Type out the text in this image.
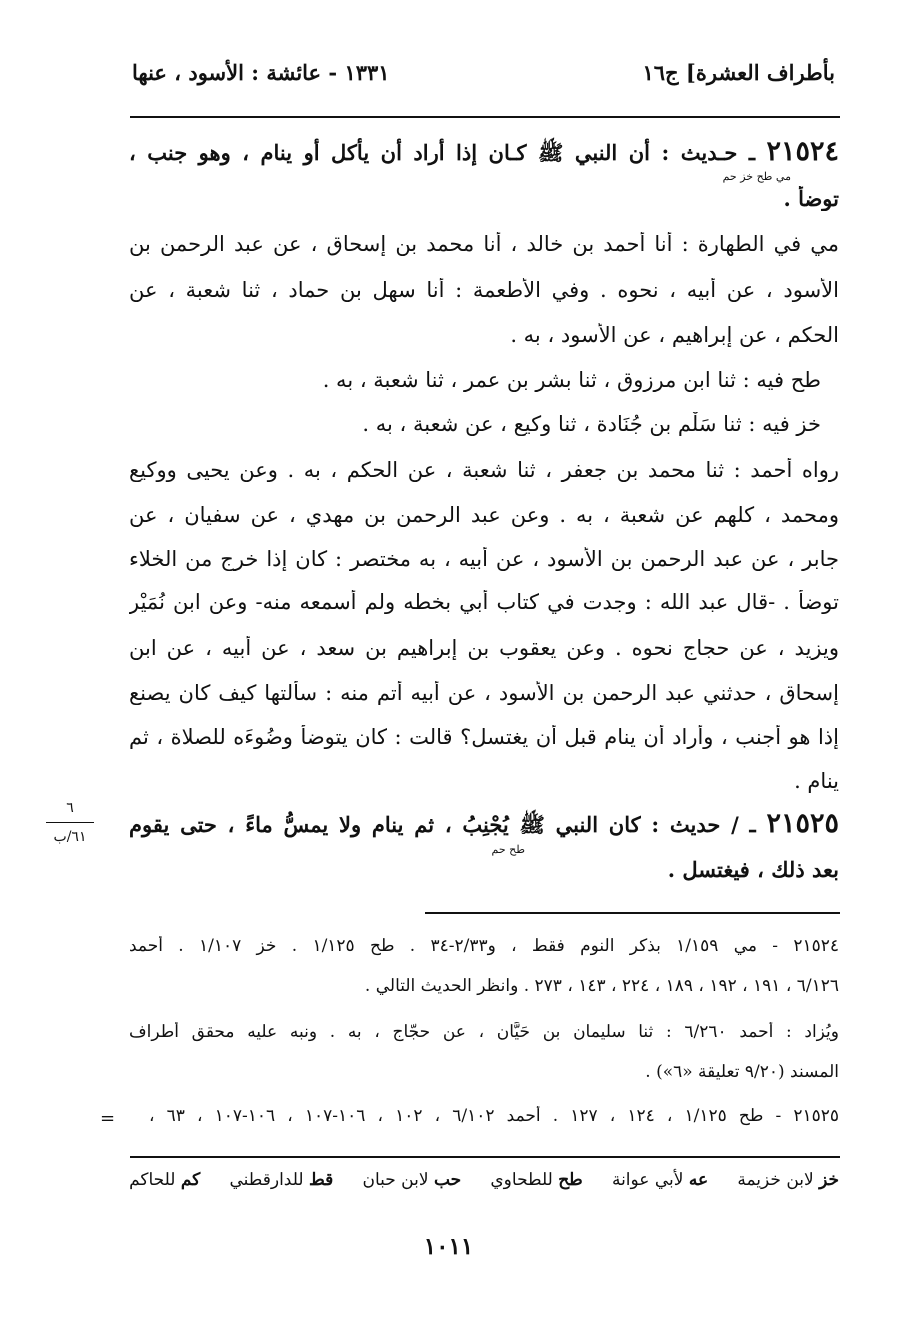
بأطراف العشرة] ج١٦
١٣٣١ - عائشة : الأسود ، عنها
٢١٥٢٤ ـ حـديث : أن النبي ﷺ كـان إذا أراد أن يأكل أو ينام ، وهو جنب ،
مي طح خز حم
توضأ .
مي في الطهارة : أنا أحمد بن خالد ، أنا محمد بن إسحاق ، عن عبد الرحمن بن
الأسود ، عن أبيه ، نحوه . وفي الأطعمة : أنا سهل بن حماد ، ثنا شعبة ، عن
الحكم ، عن إبراهيم ، عن الأسود ، به .
طح فيه : ثنا ابن مرزوق ، ثنا بشر بن عمر ، ثنا شعبة ، به .
خز فيه : ثنا سَلْم بن جُنَادة ، ثنا وكيع ، عن شعبة ، به .
رواه أحمد : ثنا محمد بن جعفر ، ثنا شعبة ، عن الحكم ، به . وعن يحيى ووكيع
ومحمد ، كلهم عن شعبة ، به . وعن عبد الرحمن بن مهدي ، عن سفيان ، عن
جابر ، عن عبد الرحمن بن الأسود ، عن أبيه ، به مختصر : كان إذا خرج من الخلاء
توضأ . -قال عبد الله : وجدت في كتاب أبي بخطه ولم أسمعه منه- وعن ابن نُمَيْر
ويزيد ، عن حجاج نحوه . وعن يعقوب بن إبراهيم بن سعد ، عن أبيه ، عن ابن
إسحاق ، حدثني عبد الرحمن بن الأسود ، عن أبيه أتم منه : سألتها كيف كان يصنع
إذا هو أجنب ، وأراد أن ينام قبل أن يغتسل؟ قالت : كان يتوضأُ وضُوءَه للصلاة ، ثم
ينام .
٢١٥٢٥ ـ / حديث : كان النبي ﷺ يُجْنِبُ ، ثم ينام ولا يمسُّ ماءً ، حتى يقوم
طح حم
بعد ذلك ، فيغتسل .
٦
٦١/ب
٢١٥٢٤ - مي ١/١٥٩ بذكر النوم فقط ، و٢/٣٣-٣٤ . طح ١/١٢٥ . خز ١/١٠٧ . أحمد
٦/١٢٦ ، ١٩١ ، ١٩٢ ، ١٨٩ ، ٢٢٤ ، ١٤٣ ، ٢٧٣ . وانظر الحديث التالي .
ويُزاد : أحمد ٦/٢٦٠ : ثنا سليمان بن حَيَّان ، عن حجّاج ، به . ونبه عليه محقق أطراف
المسند (٩/٢٠ تعليقة «٦») .
٢١٥٢٥ - طح ١/١٢٥ ، ١٢٤ ، ١٢٧ . أحمد ٦/١٠٢ ، ١٠٢ ، ١٠٦-١٠٧ ، ١٠٦-١٠٧ ، ٦٣ ،
=
خز لابن خزيمة
عه لأبي عوانة
طح للطحاوي
حب لابن حبان
قط للدارقطني
كم للحاكم
١٠١١
